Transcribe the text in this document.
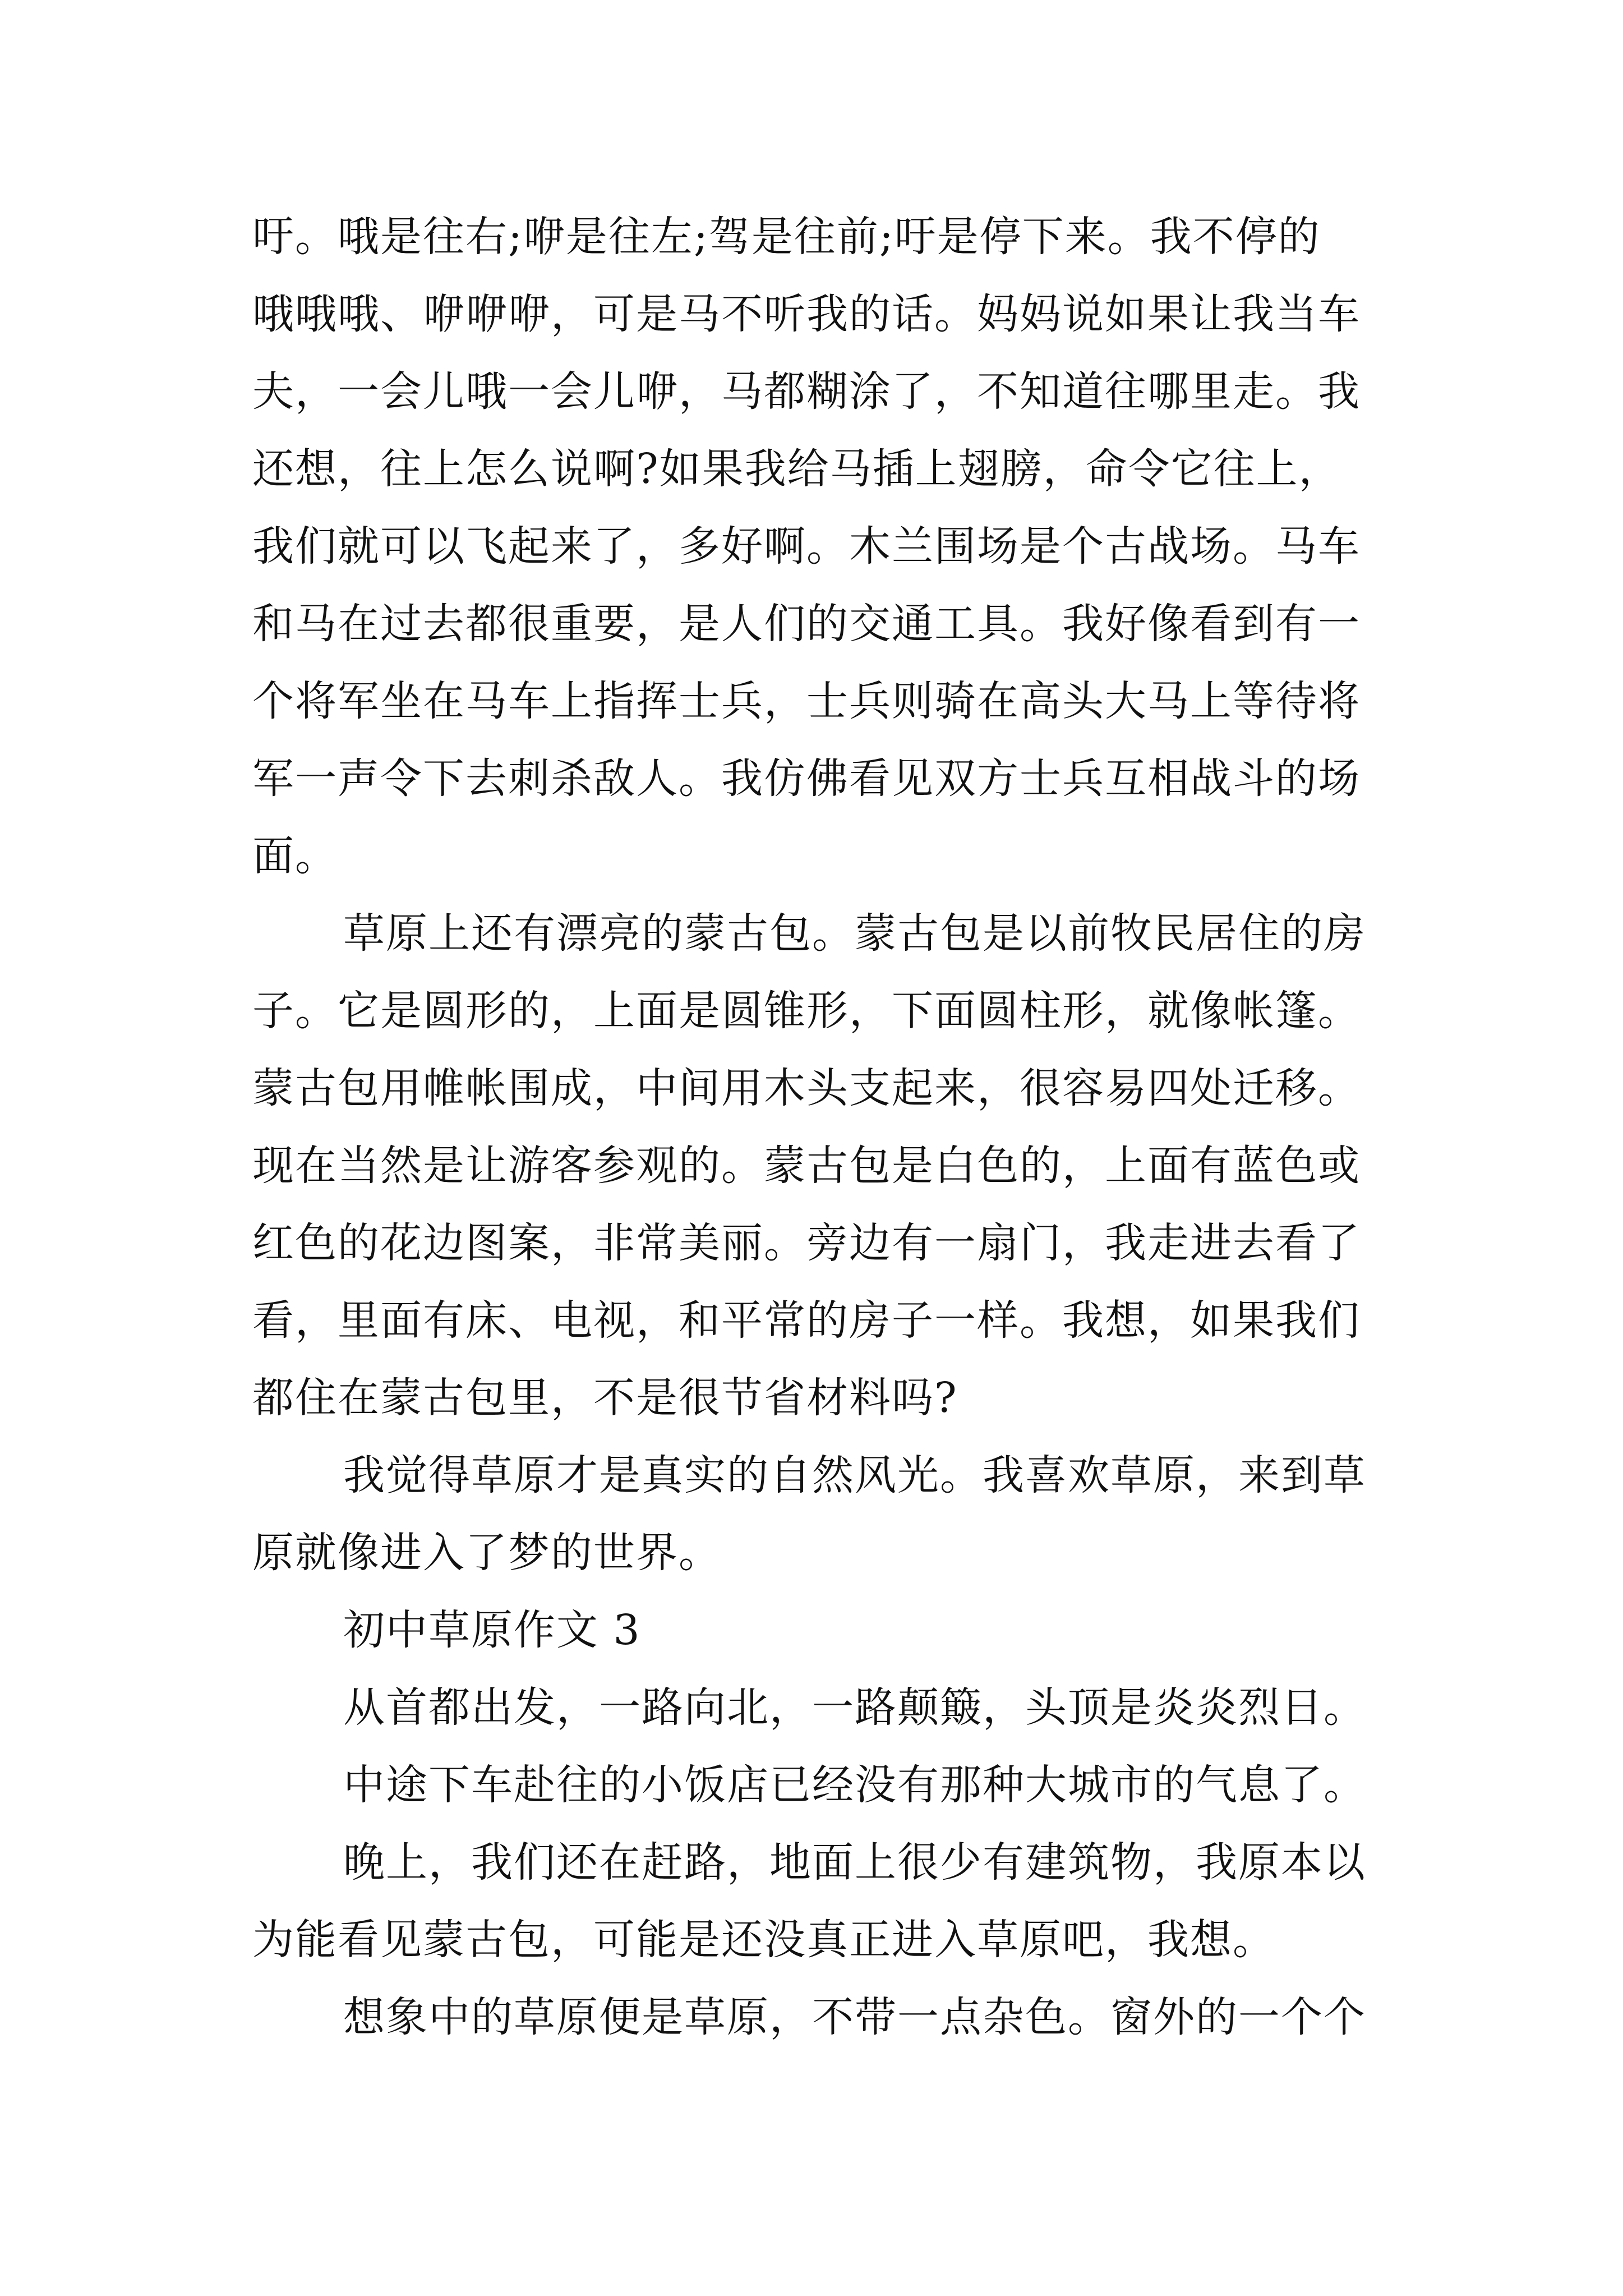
吁。哦是往右;咿是往左;驾是往前;吁是停下来。我不停的
哦哦哦、咿咿咿，可是马不听我的话。妈妈说如果让我当车
夫，一会儿哦一会儿咿，马都糊涂了，不知道往哪里走。我
还想，往上怎么说啊?如果我给马插上翅膀，命令它往上，
我们就可以飞起来了，多好啊。木兰围场是个古战场。马车
和马在过去都很重要，是人们的交通工具。我好像看到有一
个将军坐在马车上指挥士兵，士兵则骑在高头大马上等待将
军一声令下去刺杀敌人。我仿佛看见双方士兵互相战斗的场
面。
草原上还有漂亮的蒙古包。蒙古包是以前牧民居住的房
子。它是圆形的，上面是圆锥形，下面圆柱形，就像帐篷。
蒙古包用帷帐围成，中间用木头支起来，很容易四处迁移。
现在当然是让游客参观的。蒙古包是白色的，上面有蓝色或
红色的花边图案，非常美丽。旁边有一扇门，我走进去看了
看，里面有床、电视，和平常的房子一样。我想，如果我们
都住在蒙古包里，不是很节省材料吗?
我觉得草原才是真实的自然风光。我喜欢草原，来到草
原就像进入了梦的世界。
初中草原作文 3
从首都出发，一路向北，一路颠簸，头顶是炎炎烈日。
中途下车赴往的小饭店已经没有那种大城市的气息了。
晚上，我们还在赶路，地面上很少有建筑物，我原本以
为能看见蒙古包，可能是还没真正进入草原吧，我想。
想象中的草原便是草原，不带一点杂色。窗外的一个个
